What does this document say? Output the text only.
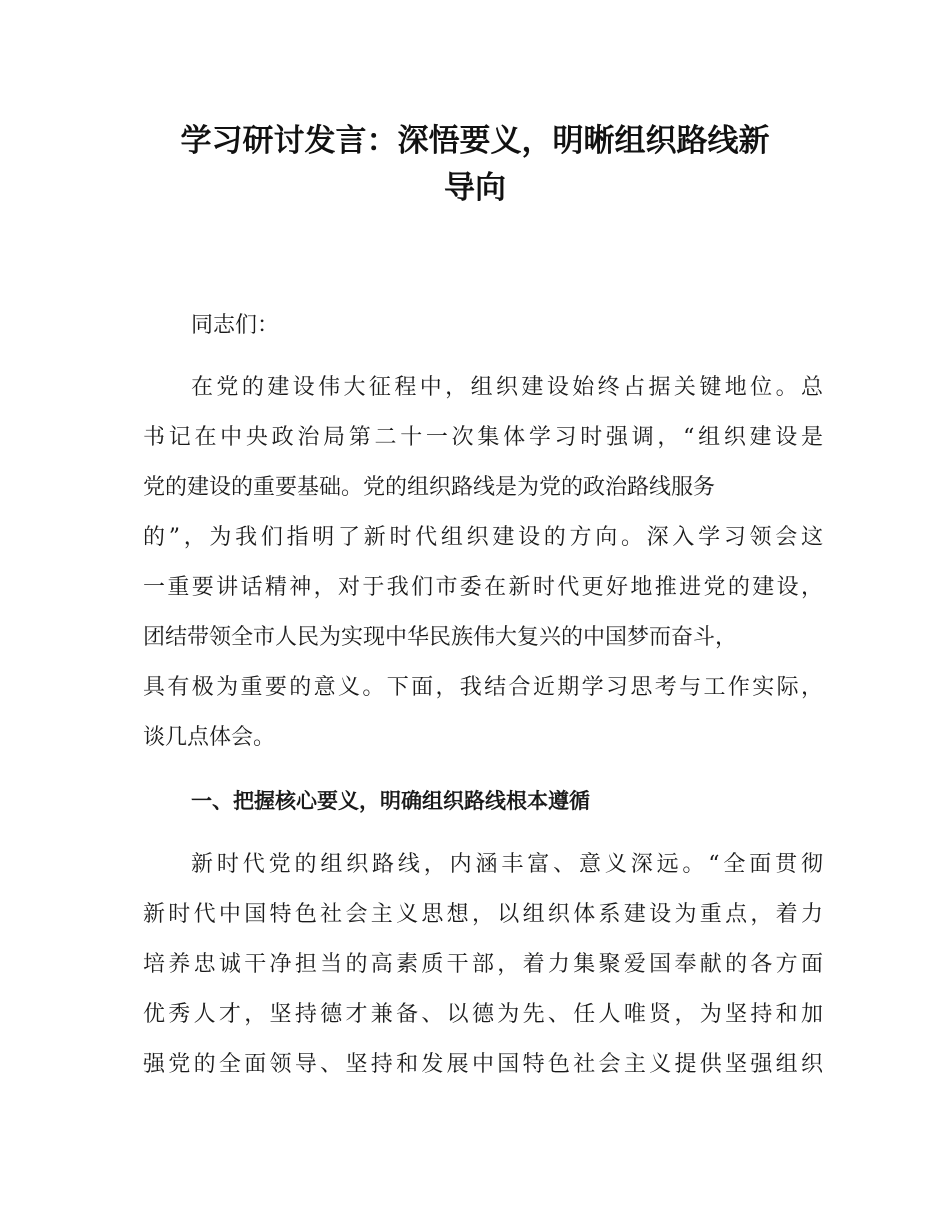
学习研讨发言：深悟要义，明晰组织路线新
导向

同志们：

在党的建设伟大征程中，组织建设始终占据关键地位。总

书记在中央政治局第二十一次集体学习时强调，“组织建设是

党的建设的重要基础。党的组织路线是为党的政治路线服务

的”，为我们指明了新时代组织建设的方向。深入学习领会这

一重要讲话精神，对于我们市委在新时代更好地推进党的建设，

团结带领全市人民为实现中华民族伟大复兴的中国梦而奋斗，

具有极为重要的意义。下面，我结合近期学习思考与工作实际，

谈几点体会。

一、把握核心要义，明确组织路线根本遵循

新时代党的组织路线，内涵丰富、意义深远。“全面贯彻

新时代中国特色社会主义思想，以组织体系建设为重点，着力

培养忠诚干净担当的高素质干部，着力集聚爱国奉献的各方面

优秀人才，坚持德才兼备、以德为先、任人唯贤，为坚持和加

强党的全面领导、坚持和发展中国特色社会主义提供坚强组织
